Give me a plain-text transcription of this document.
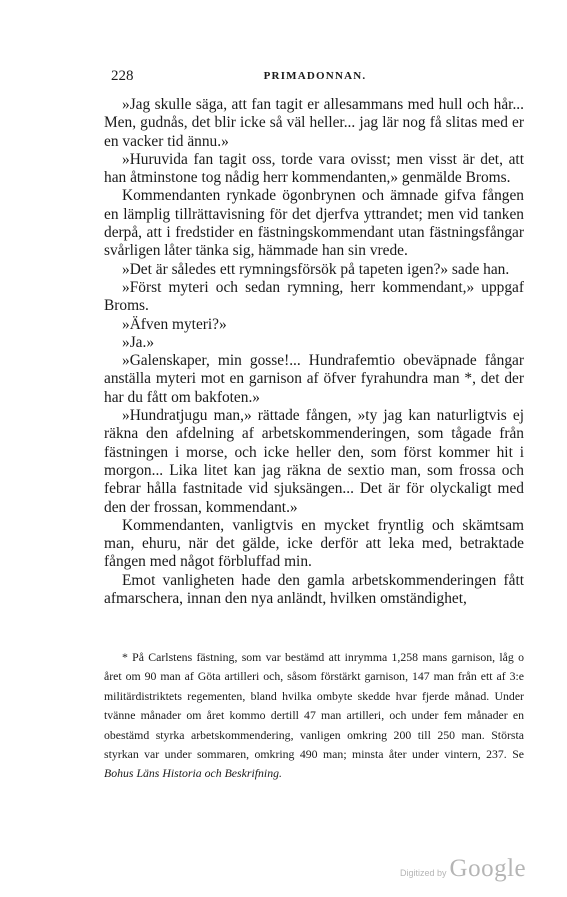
228	PRIMADONNAN.

»Jag skulle säga, att fan tagit er allesammans med hull och hår... Men, gudnås, det blir icke så väl heller... jag lär nog få slitas med er en vacker tid ännu.»

»Huruvida fan tagit oss, torde vara ovisst; men visst är det, att han åtminstone tog nådig herr kommendanten,» genmälde Broms.

Kommendanten rynkade ögonbrynen och ämnade gifva fången en lämplig tillrättavisning för det djerfva yttrandet; men vid tanken derpå, att i fredstider en fästningskommendant utan fästningsfångar svårligen låter tänka sig, hämmade han sin vrede.

»Det är således ett rymningsförsök på tapeten igen?» sade han.

»Först myteri och sedan rymning, herr kommendant,» uppgaf Broms.

»Äfven myteri?»

»Ja.»

»Galenskaper, min gosse!... Hundrafemtio obeväpnade fångar anställa myteri mot en garnison af öfver fyrahundra man *, det der har du fått om bakfoten.»

»Hundratjugu man,» rättade fången, »ty jag kan naturligtvis ej räkna den afdelning af arbetskommenderingen, som tågade från fästningen i morse, och icke heller den, som först kommer hit i morgon... Lika litet kan jag räkna de sextio man, som frossa och febrar hålla fastnitade vid sjuksängen... Det är för olyckaligt med den der frossan, kommendant.»

Kommendanten, vanligtvis en mycket fryntlig och skämtsam man, ehuru, när det gälde, icke derför att leka med, betraktade fången med något förbluffad min.

Emot vanligheten hade den gamla arbetskommenderingen fått afmarschera, innan den nya anländt, hvilken omständighet,

* På Carlstens fästning, som var bestämd att inrymma 1,258 mans garnison, låg o året om 90 man af Göta artilleri och, såsom förstärkt garnison, 147 man från ett af 3:e militärdistriktets regementen, bland hvilka ombyte skedde hvar fjerde månad. Under tvänne månader om året kommo dertill 47 man artilleri, och under fem månader en obestämd styrka arbetskommendering, vanligen omkring 200 till 250 man. Största styrkan var under sommaren, omkring 490 man; minsta åter under vintern, 237. Se Bohus Läns Historia och Beskrifning.

Digitized by Google
